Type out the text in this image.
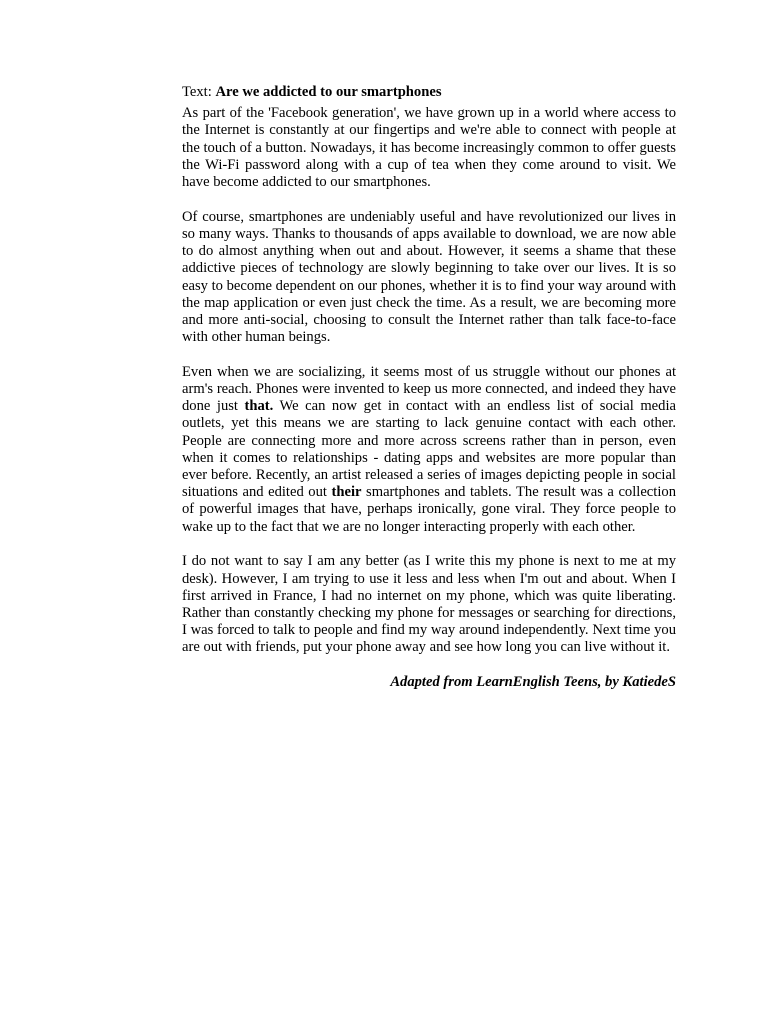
Text: Are we addicted to our smartphones

As part of the 'Facebook generation', we have grown up in a world where access to the Internet is constantly at our fingertips and we're able to connect with people at the touch of a button. Nowadays, it has become increasingly common to offer guests the Wi-Fi password along with a cup of tea when they come around to visit. We have become addicted to our smartphones.

Of course, smartphones are undeniably useful and have revolutionized our lives in so many ways. Thanks to thousands of apps available to download, we are now able to do almost anything when out and about. However, it seems a shame that these addictive pieces of technology are slowly beginning to take over our lives. It is so easy to become dependent on our phones, whether it is to find your way around with the map application or even just check the time. As a result, we are becoming more and more anti-social, choosing to consult the Internet rather than talk face-to-face with other human beings.

Even when we are socializing, it seems most of us struggle without our phones at arm's reach. Phones were invented to keep us more connected, and indeed they have done just that. We can now get in contact with an endless list of social media outlets, yet this means we are starting to lack genuine contact with each other. People are connecting more and more across screens rather than in person, even when it comes to relationships - dating apps and websites are more popular than ever before. Recently, an artist released a series of images depicting people in social situations and edited out their smartphones and tablets. The result was a collection of powerful images that have, perhaps ironically, gone viral. They force people to wake up to the fact that we are no longer interacting properly with each other.

I do not want to say I am any better (as I write this my phone is next to me at my desk). However, I am trying to use it less and less when I'm out and about. When I first arrived in France, I had no internet on my phone, which was quite liberating. Rather than constantly checking my phone for messages or searching for directions, I was forced to talk to people and find my way around independently. Next time you are out with friends, put your phone away and see how long you can live without it.

Adapted from LearnEnglish Teens, by KatiedeS
